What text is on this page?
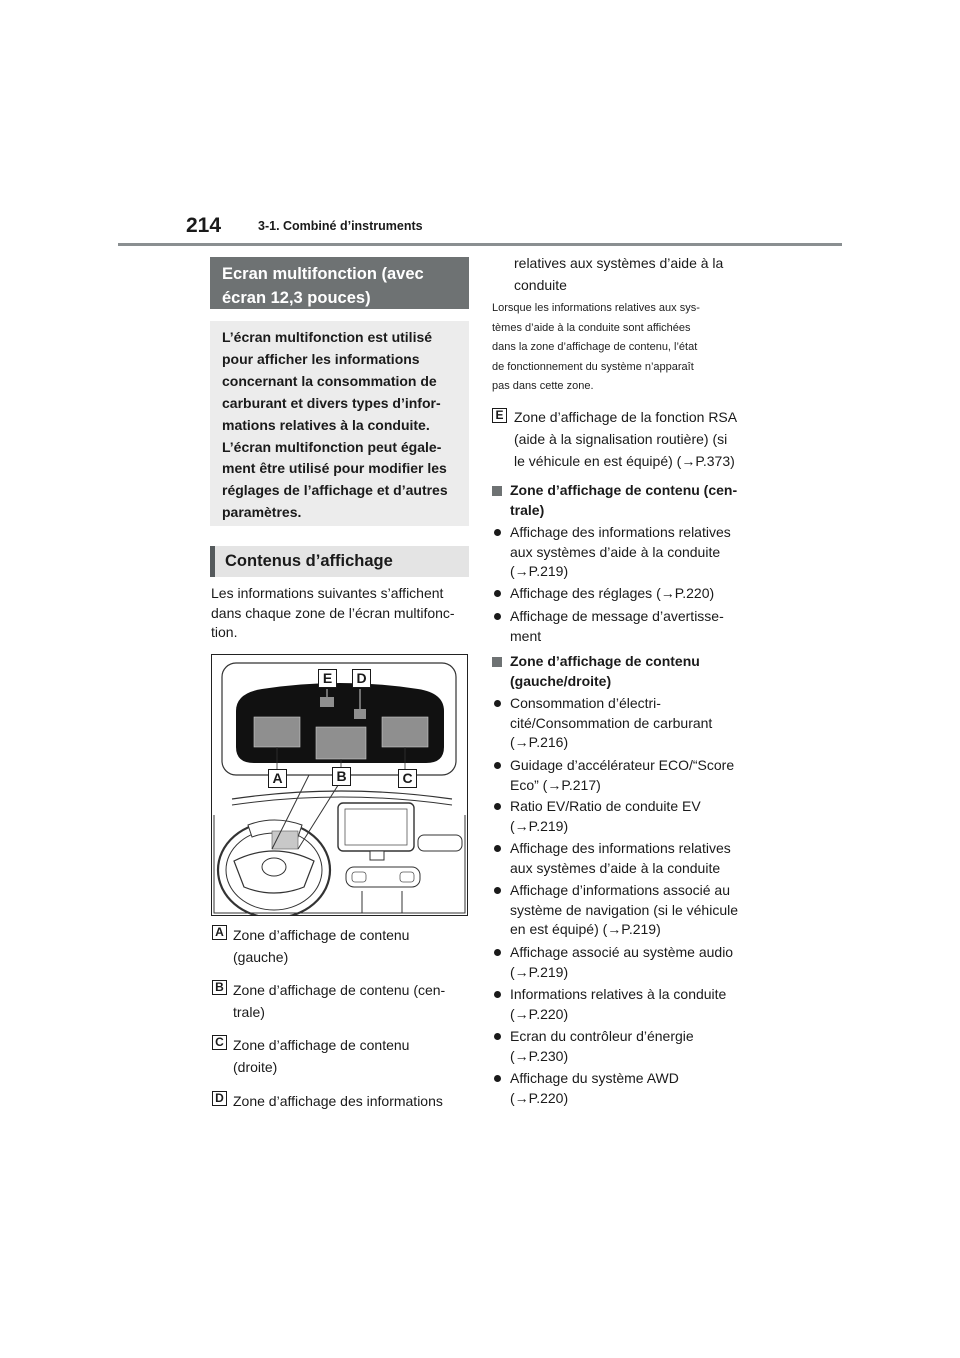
214	3-1. Combiné d’instruments
Ecran multifonction (avec
écran 12,3 pouces)
L’écran multifonction est utilisé
pour afficher les informations
concernant la consommation de
carburant et divers types d’infor-
mations relatives à la conduite.
L’écran multifonction peut égale-
ment être utilisé pour modifier les
réglages de l’affichage et d’autres
paramètres.
Contenus d’affichage
Les informations suivantes s’affichent
dans chaque zone de l’écran multifonc-
tion.
E	D
A	B	C
A Zone d’affichage de contenu
(gauche)
B Zone d’affichage de contenu (cen-
trale)
C Zone d’affichage de contenu
(droite)
D Zone d’affichage des informations
relatives aux systèmes d’aide à la
conduite
Lorsque les informations relatives aux sys-
tèmes d’aide à la conduite sont affichées
dans la zone d’affichage de contenu, l’état
de fonctionnement du système n’apparaît
pas dans cette zone.
E Zone d’affichage de la fonction RSA
(aide à la signalisation routière) (si
le véhicule en est équipé) (→P.373)
Zone d’affichage de contenu (cen-
trale)
Affichage des informations relatives
aux systèmes d’aide à la conduite
(→P.219)
Affichage des réglages (→P.220)
Affichage de message d’avertisse-
ment
Zone d’affichage de contenu
(gauche/droite)
Consommation d’électri-
cité/Consommation de carburant
(→P.216)
Guidage d’accélérateur ECO/“Score
Eco” (→P.217)
Ratio EV/Ratio de conduite EV
(→P.219)
Affichage des informations relatives
aux systèmes d’aide à la conduite
Affichage d’informations associé au
système de navigation (si le véhicule
en est équipé) (→P.219)
Affichage associé au système audio
(→P.219)
Informations relatives à la conduite
(→P.220)
Ecran du contrôleur d’énergie
(→P.230)
Affichage du système AWD
(→P.220)
